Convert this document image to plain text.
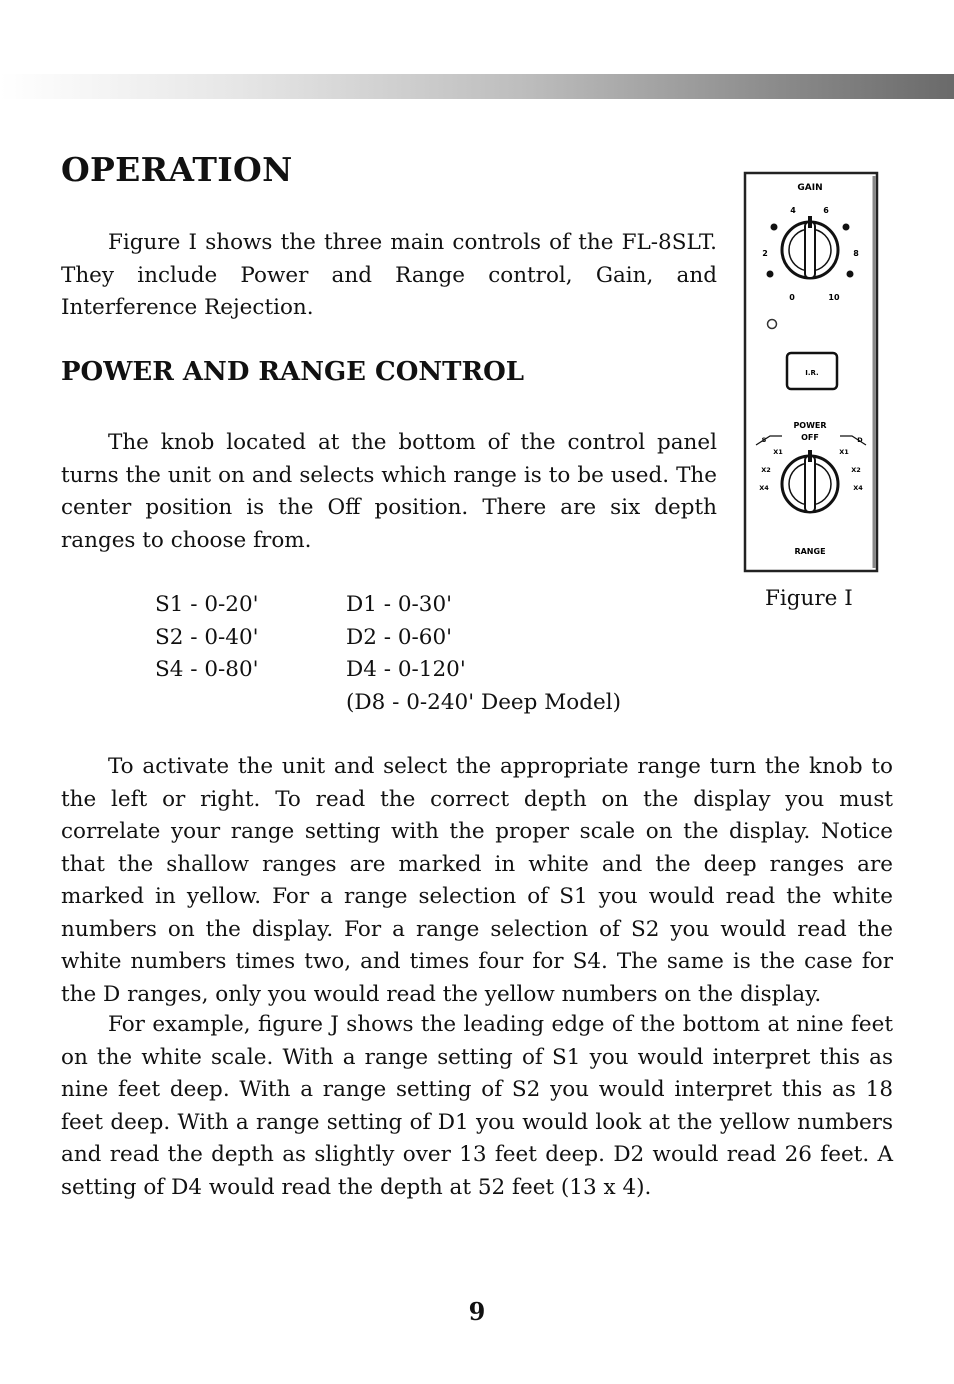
OPERATION

Figure I shows the three main controls of the FL-8SLT. They include Power and Range control, Gain, and Interference Rejection.

POWER AND RANGE CONTROL

The knob located at the bottom of the control panel turns the unit on and selects which range is to be used. The center position is the Off position. There are six depth ranges to choose from.

S1 - 0-20'	D1 - 0-30'
S2 - 0-40'	D2 - 0-60'
S4 - 0-80'	D4 - 0-120'
(D8 - 0-240' Deep Model)
GAIN
2
4	6
8
0	10
I.R.
POWER
OFF
S
X1
X2
X4
D
X1
X2
X4
RANGE
Figure I

To activate the unit and select the appropriate range turn the knob to the left or right. To read the correct depth on the display you must correlate your range setting with the proper scale on the display. Notice that the shallow ranges are marked in white and the deep ranges are marked in yellow. For a range selection of S1 you would read the white numbers on the display. For a range selection of S2 you would read the white numbers times two, and times four for S4. The same is the case for the D ranges, only you would read the yellow numbers on the display.

For example, figure J shows the leading edge of the bottom at nine feet on the white scale. With a range setting of S1 you would interpret this as nine feet deep. With a range setting of S2 you would interpret this as 18 feet deep. With a range setting of D1 you would look at the yellow numbers and read the depth as slightly over 13 feet deep. D2 would read 26 feet. A setting of D4 would read the depth at 52 feet (13 x 4).

9
